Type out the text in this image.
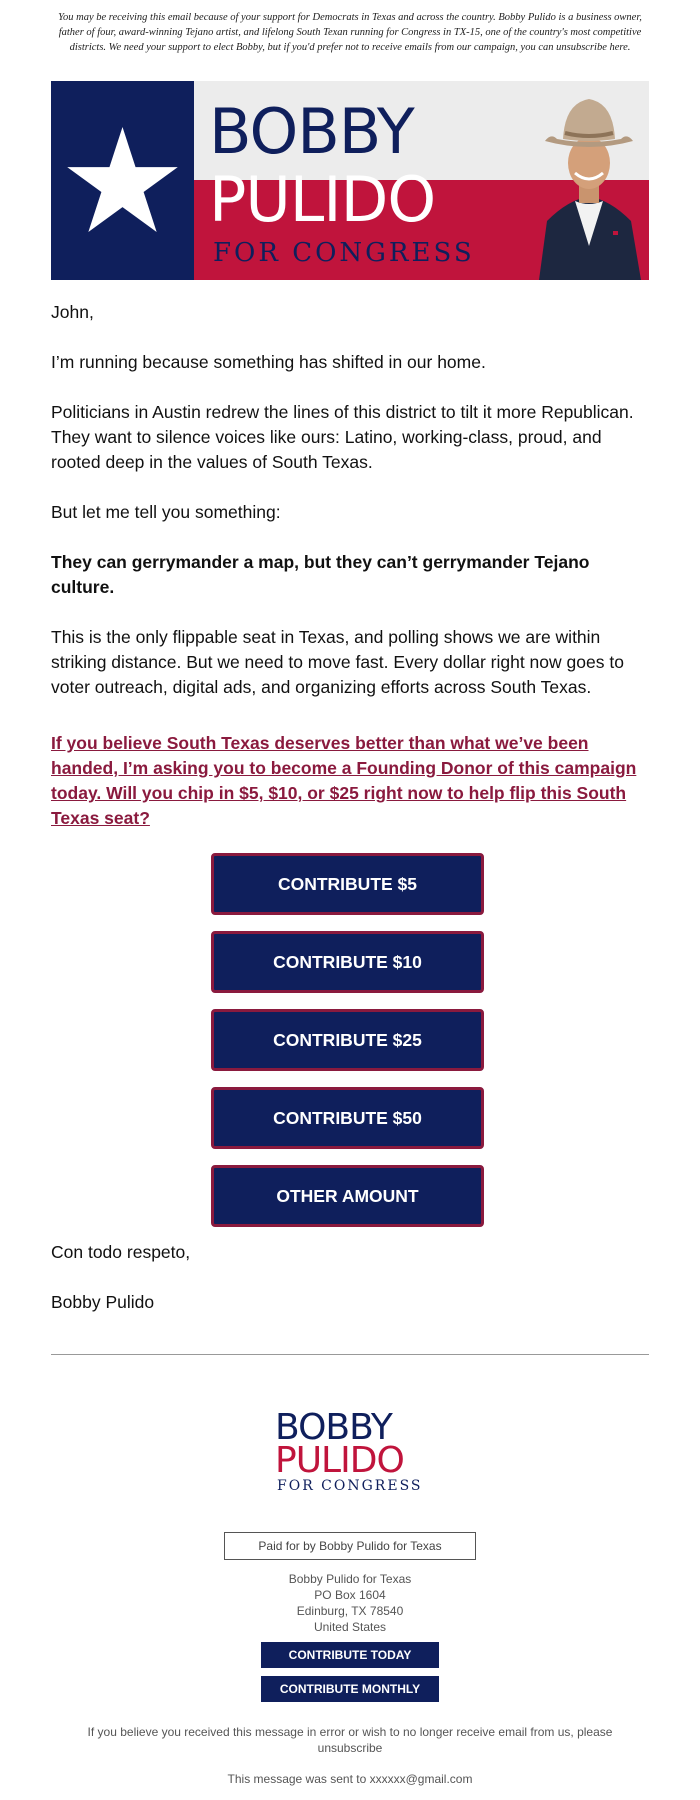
You may be receiving this email because of your support for Democrats in Texas and across the country. Bobby Pulido is a business owner, father of four, award-winning Tejano artist, and lifelong South Texan running for Congress in TX-15, one of the country's most competitive districts. We need your support to elect Bobby, but if you'd prefer not to receive emails from our campaign, you can unsubscribe here.
BOBBY
PULIDO
FOR CONGRESS
John,
I’m running because something has shifted in our home.
Politicians in Austin redrew the lines of this district to tilt it more Republican. They want to silence voices like ours: Latino, working-class, proud, and rooted deep in the values of South Texas.
But let me tell you something:
They can gerrymander a map, but they can’t gerrymander Tejano culture.
This is the only flippable seat in Texas, and polling shows we are within striking distance. But we need to move fast. Every dollar right now goes to voter outreach, digital ads, and organizing efforts across South Texas.
If you believe South Texas deserves better than what we’ve been handed, I’m asking you to become a Founding Donor of this campaign today. Will you chip in $5, $10, or $25 right now to help flip this South Texas seat?
CONTRIBUTE $5
CONTRIBUTE $10
CONTRIBUTE $25
CONTRIBUTE $50
OTHER AMOUNT
Con todo respeto,
Bobby Pulido
BOBBY
PULIDO
FOR CONGRESS
Paid for by Bobby Pulido for Texas
Bobby Pulido for Texas
PO Box 1604
Edinburg, TX 78540
United States
CONTRIBUTE TODAY
CONTRIBUTE MONTHLY
If you believe you received this message in error or wish to no longer receive email from us, please unsubscribe
This message was sent to xxxxxx@gmail.com
